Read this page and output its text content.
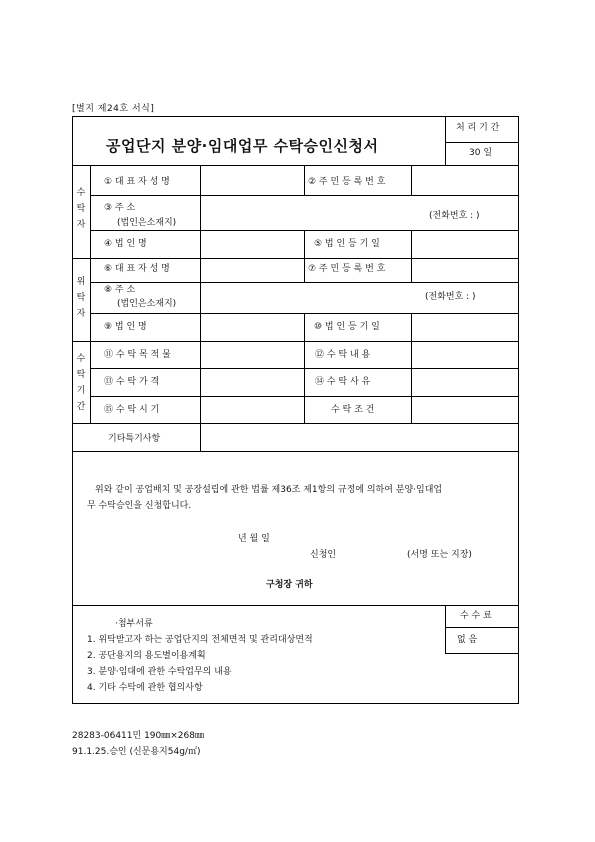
[별지 제24호 서식]
공업단지 분양·임대업무 수탁승인신청서
처 리 기 간
30 일
수탁자
① 대 표 자 성 명	② 주 민 등 록 번 호
③ 주 소
(법인은소재지)
(전화번호 : )
④ 법 인 명	⑤ 법 인 등 기 일
위탁자
⑥ 대 표 자 성 명	⑦ 주 민 등 록 번 호
⑧ 주 소
(법인은소재지)
(전화번호 : )
⑨ 법 인 명	⑩ 법 인 등 기 일
수탁기간
⑪ 수 탁 목 적 물	⑫ 수 탁 내 용
⑬ 수 탁 가 격	⑭ 수 탁 사 유
⑮ 수 탁 시 기	수 탁 조 건
기타특기사항
위와 같이 공업배치 및 공장설립에 관한 법률 제36조 제1항의 규정에 의하여 분양·임대업
무 수탁승인을 신청합니다.
년 월 일
신청인	(서명 또는 지장)
구청장 귀하
·첨부서류
1. 위탁받고자 하는 공업단지의 전체면적 및 관리대상면적
2. 공단용지의 용도별이용계획
3. 분양·임대에 관한 수탁업무의 내용
4. 기타 수탁에 관한 협의사항
수 수 료
없 음
28283-06411민 190㎜×268㎜
91.1.25.승인 (신문용지54g/㎡)
